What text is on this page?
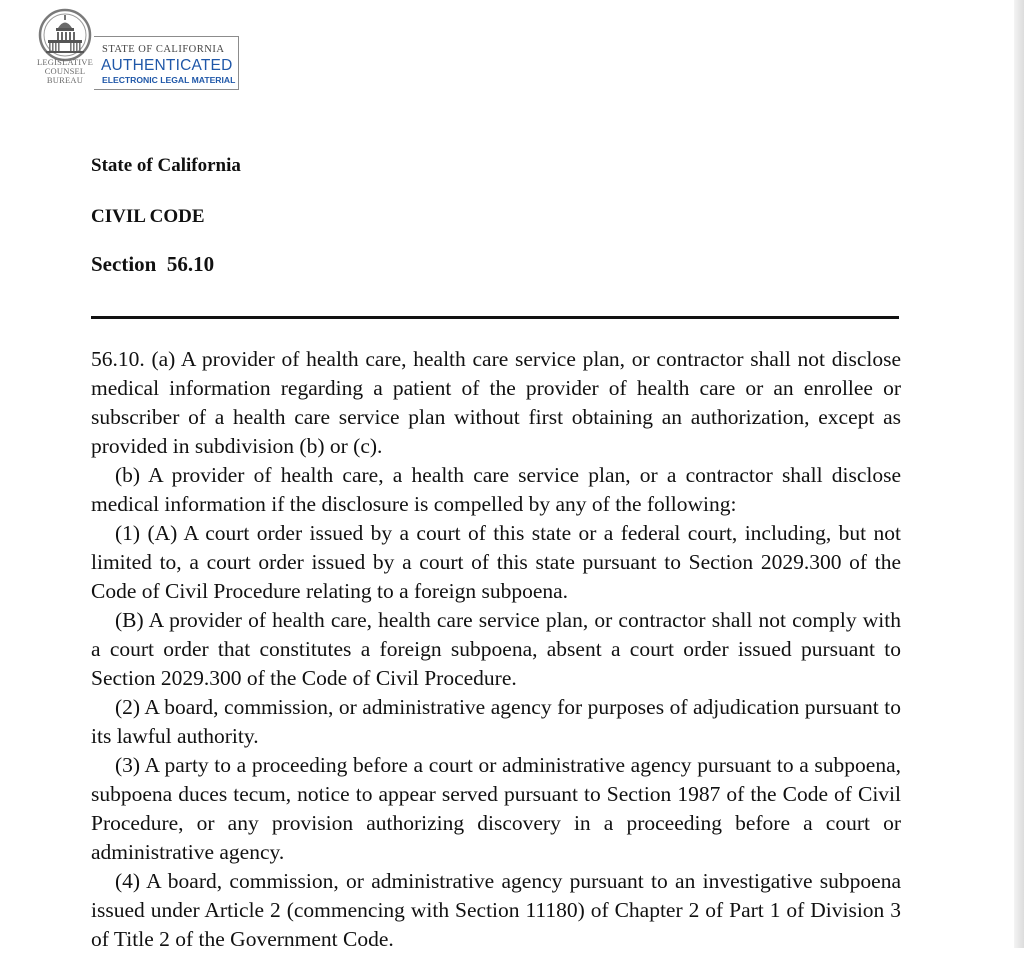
LEGISLATIVE
COUNSEL
BUREAU
STATE OF CALIFORNIA
AUTHENTICATED
ELECTRONIC LEGAL MATERIAL
State of California
CIVIL CODE
Section  56.10

56.10. (a) A provider of health care, health care service plan, or contractor shall not disclose medical information regarding a patient of the provider of health care or an enrollee or subscriber of a health care service plan without first obtaining an authorization, except as provided in subdivision (b) or (c).

(b) A provider of health care, a health care service plan, or a contractor shall disclose medical information if the disclosure is compelled by any of the following:

(1) (A) A court order issued by a court of this state or a federal court, including, but not limited to, a court order issued by a court of this state pursuant to Section 2029.300 of the Code of Civil Procedure relating to a foreign subpoena.

(B) A provider of health care, health care service plan, or contractor shall not comply with a court order that constitutes a foreign subpoena, absent a court order issued pursuant to Section 2029.300 of the Code of Civil Procedure.

(2) A board, commission, or administrative agency for purposes of adjudication pursuant to its lawful authority.

(3) A party to a proceeding before a court or administrative agency pursuant to a subpoena, subpoena duces tecum, notice to appear served pursuant to Section 1987 of the Code of Civil Procedure, or any provision authorizing discovery in a proceeding before a court or administrative agency.

(4) A board, commission, or administrative agency pursuant to an investigative subpoena issued under Article 2 (commencing with Section 11180) of Chapter 2 of Part 1 of Division 3 of Title 2 of the Government Code.
